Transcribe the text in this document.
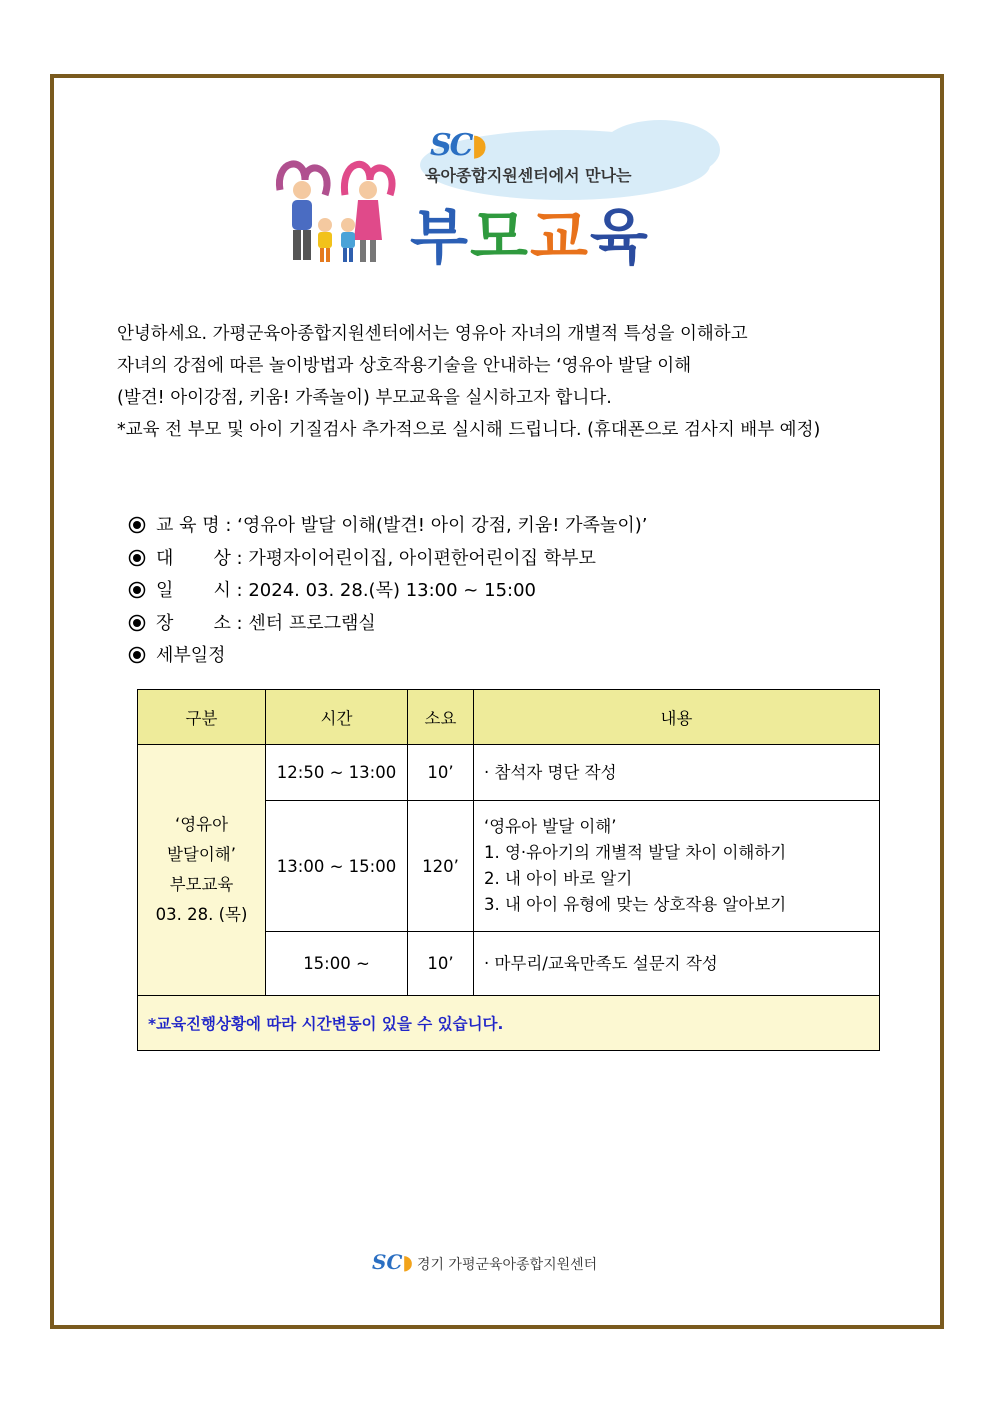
SC◗
육아종합지원센터에서 만나는
부모교육

안녕하세요. 가평군육아종합지원센터에서는 영유아 자녀의 개별적 특성을 이해하고

자녀의 강점에 따른 놀이방법과 상호작용기술을 안내하는 ‘영유아 발달 이해

(발견! 아이강점, 키움! 가족놀이) 부모교육을 실시하고자 합니다.

*교육 전 부모 및 아이 기질검사 추가적으로 실시해 드립니다. (휴대폰으로 검사지 배부 예정)

교 육 명 : ‘영유아 발달 이해(발견! 아이 강점, 키움! 가족놀이)’
대       상 : 가평자이어린이집, 아이편한어린이집 학부모
일       시 : 2024. 03. 28.(목) 13:00 ~ 15:00
장       소 : 센터 프로그램실
세부일정
구분	시간	소요	내용

‘영유아
발달이해’
부모교육
03. 28. (목)	12:50 ~ 13:00	10’	· 참석자 명단 작성

	13:00 ~ 15:00	120’	‘영유아 발달 이해’
1. 영·유아기의 개별적 발달 차이 이해하기
2. 내 아이 바로 알기
3. 내 아이 유형에 맞는 상호작용 알아보기

	15:00 ~	10’	· 마무리/교육만족도 설문지 작성

*교육진행상황에 따라 시간변동이 있을 수 있습니다.			
SC◗ 경기 가평군육아종합지원센터
